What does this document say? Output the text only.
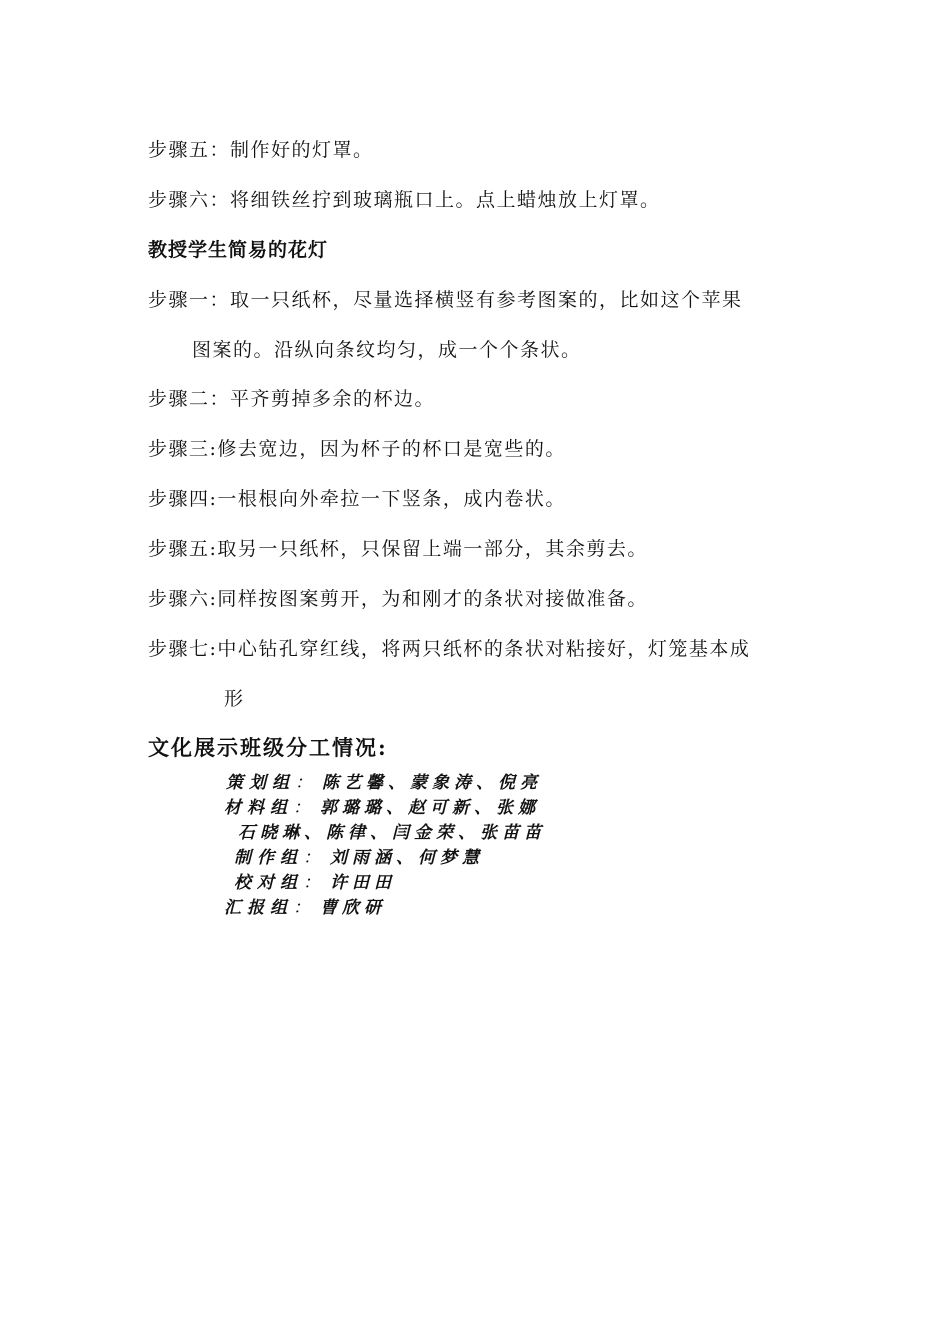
步骤五：制作好的灯罩。
步骤六：将细铁丝拧到玻璃瓶口上。点上蜡烛放上灯罩。
教授学生简易的花灯
步骤一：取一只纸杯，尽量选择横竖有参考图案的，比如这个苹果
图案的。沿纵向条纹均匀，成一个个条状。
步骤二：平齐剪掉多余的杯边。
步骤三:修去宽边，因为杯子的杯口是宽些的。
步骤四:一根根向外牵拉一下竖条，成内卷状。
步骤五:取另一只纸杯，只保留上端一部分，其余剪去。
步骤六:同样按图案剪开，为和刚才的条状对接做准备。
步骤七:中心钻孔穿红线，将两只纸杯的条状对粘接好，灯笼基本成
形
文化展示班级分工情况:
策划组：陈艺馨、蒙象涛、倪亮
材料组：郭璐璐、赵可新、张娜
石晓琳、陈律、闫金荣、张苗苗
制作组：刘雨涵、何梦慧
校对组：许田田
汇报组：曹欣研
